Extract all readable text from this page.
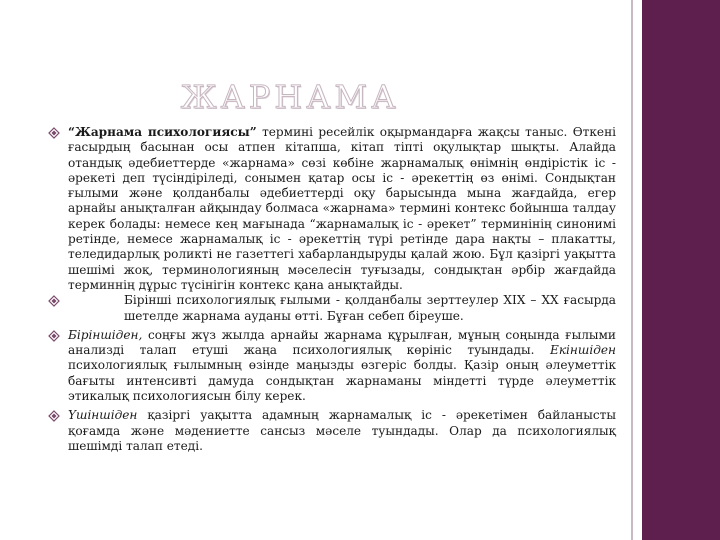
ЖАРНАМА
“Жарнама психологиясы” термині ресейлік оқырмандарға жақсы таныс. Өткені ғасырдың басынан осы атпен кітапша, кітап тіпті оқулықтар шықты. Алайда отандық әдебиеттерде «жарнама» сөзі көбіне жарнамалық өнімнің өндірістік іс - әрекеті деп түсіндіріледі, сонымен қатар осы іс - әрекеттің өз өнімі. Сондықтан ғылыми және қолданбалы әдебиеттерді оқу барысында мына жағдайда, егер арнайы анықталған айқындау болмаса «жарнама» термині контекс бойынша талдау керек болады: немесе кең мағынада “жарнамалық іс - әрекет” терминінің синонимі ретінде, немесе жарнамалық іс - әрекеттің түрі ретінде дара нақты – плакатты, теледидарлық роликті не газеттегі хабарландыруды қалай жою. Бұл қазіргі уақытта шешімі жоқ, терминологияның мәселесін туғызады, сондықтан әрбір жағдайда терминнің дұрыс түсінігін контекс қана анықтайды.
Бірінші психологиялық ғылыми - қолданбалы зерттеулер XIX – XX ғасырда шетелде жарнама ауданы өтті. Бұған себеп біреуше.
Біріншіден, соңғы жүз жылда арнайы жарнама құрылған, мұның соңында ғылыми анализді талап етуші жаңа психологиялық көрініс туындады. Екіншіден психологиялық ғылымның өзінде маңызды өзгеріс болды. Қазір оның әлеуметтік бағыты интенсивті дамуда сондықтан жарнаманы міндетті түрде әлеуметтік этикалық психологиясын білу керек.
Үшіншіден қазіргі уақытта адамның жарнамалық іс - әрекетімен байланысты қоғамда және мәдениетте сансыз мәселе туындады. Олар да психологиялық шешімді талап етеді.
